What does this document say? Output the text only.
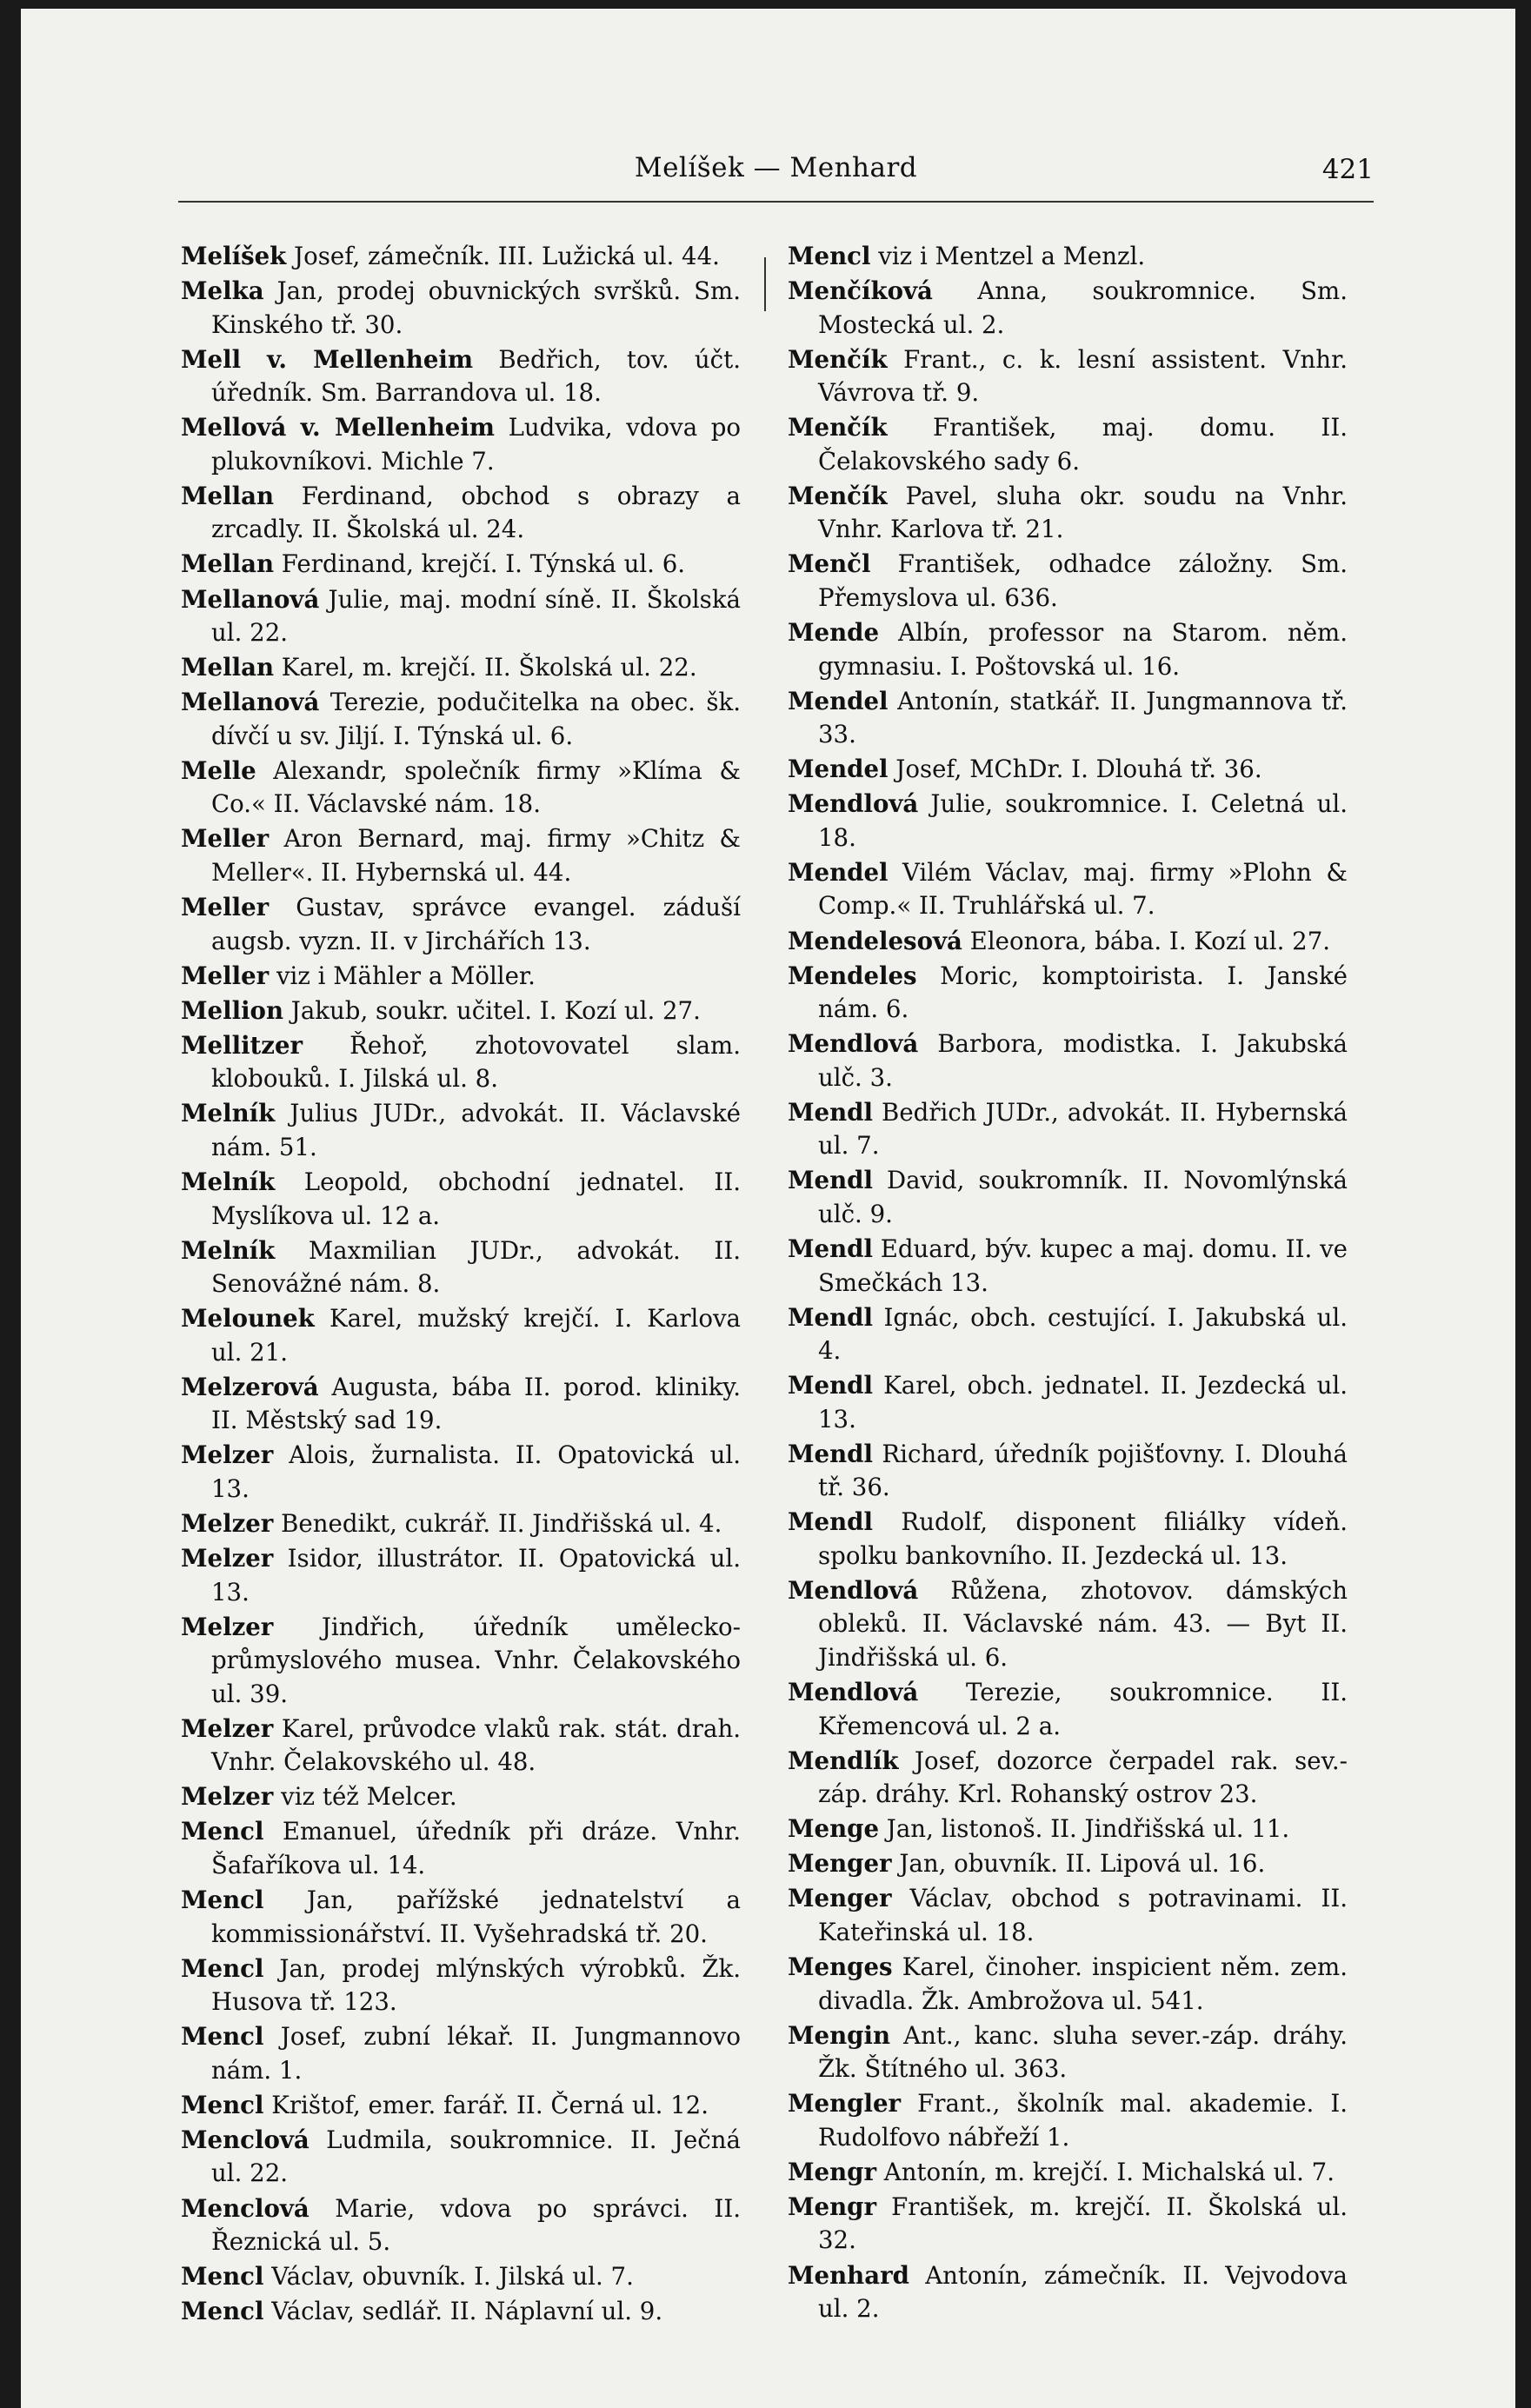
Melíšek — Menhard	421

Melíšek Josef, zámečník. III. Lužická ul. 44.

Melka Jan, prodej obuvnických svršků. Sm. Kinského tř. 30.

Mell v. Mellenheim Bedřich, tov. účt. úředník. Sm. Barrandova ul. 18.

Mellová v. Mellenheim Ludvika, vdova po plukovníkovi. Michle 7.

Mellan Ferdinand, obchod s obrazy a zrcadly. II. Školská ul. 24.

Mellan Ferdinand, krejčí. I. Týnská ul. 6.

Mellanová Julie, maj. modní síně. II. Školská ul. 22.

Mellan Karel, m. krejčí. II. Školská ul. 22.

Mellanová Terezie, podučitelka na obec. šk. dívčí u sv. Jiljí. I. Týnská ul. 6.

Melle Alexandr, společník firmy »Klíma & Co.« II. Václavské nám. 18.

Meller Aron Bernard, maj. firmy »Chitz & Meller«. II. Hybernská ul. 44.

Meller Gustav, správce evangel. záduší augsb. vyzn. II. v Jirchářích 13.

Meller viz i Mähler a Möller.

Mellion Jakub, soukr. učitel. I. Kozí ul. 27.

Mellitzer Řehoř, zhotovovatel slam. klobouků. I. Jilská ul. 8.

Melník Julius JUDr., advokát. II. Václavské nám. 51.

Melník Leopold, obchodní jednatel. II. Myslíkova ul. 12 a.

Melník Maxmilian JUDr., advokát. II. Senovážné nám. 8.

Melounek Karel, mužský krejčí. I. Karlova ul. 21.

Melzerová Augusta, bába II. porod. kliniky. II. Městský sad 19.

Melzer Alois, žurnalista. II. Opatovická ul. 13.

Melzer Benedikt, cukrář. II. Jindřišská ul. 4.

Melzer Isidor, illustrátor. II. Opatovická ul. 13.

Melzer Jindřich, úředník umělecko-průmyslového musea. Vnhr. Čelakovského ul. 39.

Melzer Karel, průvodce vlaků rak. stát. drah. Vnhr. Čelakovského ul. 48.

Melzer viz též Melcer.

Mencl Emanuel, úředník při dráze. Vnhr. Šafaříkova ul. 14.

Mencl Jan, pařížské jednatelství a kommissionářství. II. Vyšehradská tř. 20.

Mencl Jan, prodej mlýnských výrobků. Žk. Husova tř. 123.

Mencl Josef, zubní lékař. II. Jungmannovo nám. 1.

Mencl Krištof, emer. farář. II. Černá ul. 12.

Menclová Ludmila, soukromnice. II. Ječná ul. 22.

Menclová Marie, vdova po správci. II. Řeznická ul. 5.

Mencl Václav, obuvník. I. Jilská ul. 7.

Mencl Václav, sedlář. II. Náplavní ul. 9.

Mencl viz i Mentzel a Menzl.

Menčíková Anna, soukromnice. Sm. Mostecká ul. 2.

Menčík Frant., c. k. lesní assistent. Vnhr. Vávrova tř. 9.

Menčík František, maj. domu. II. Čelakovského sady 6.

Menčík Pavel, sluha okr. soudu na Vnhr. Vnhr. Karlova tř. 21.

Menčl František, odhadce záložny. Sm. Přemyslova ul. 636.

Mende Albín, professor na Starom. něm. gymnasiu. I. Poštovská ul. 16.

Mendel Antonín, statkář. II. Jungmannova tř. 33.

Mendel Josef, MChDr. I. Dlouhá tř. 36.

Mendlová Julie, soukromnice. I. Celetná ul. 18.

Mendel Vilém Václav, maj. firmy »Plohn & Comp.« II. Truhlářská ul. 7.

Mendelesová Eleonora, bába. I. Kozí ul. 27.

Mendeles Moric, komptoirista. I. Janské nám. 6.

Mendlová Barbora, modistka. I. Jakubská ulč. 3.

Mendl Bedřich JUDr., advokát. II. Hybernská ul. 7.

Mendl David, soukromník. II. Novomlýnská ulč. 9.

Mendl Eduard, býv. kupec a maj. domu. II. ve Smečkách 13.

Mendl Ignác, obch. cestující. I. Jakubská ul. 4.

Mendl Karel, obch. jednatel. II. Jezdecká ul. 13.

Mendl Richard, úředník pojišťovny. I. Dlouhá tř. 36.

Mendl Rudolf, disponent filiálky vídeň. spolku bankovního. II. Jezdecká ul. 13.

Mendlová Růžena, zhotovov. dámských obleků. II. Václavské nám. 43. — Byt II. Jindřišská ul. 6.

Mendlová Terezie, soukromnice. II. Křemencová ul. 2 a.

Mendlík Josef, dozorce čerpadel rak. sev.-záp. dráhy. Krl. Rohanský ostrov 23.

Menge Jan, listonoš. II. Jindřišská ul. 11.

Menger Jan, obuvník. II. Lipová ul. 16.

Menger Václav, obchod s potravinami. II. Kateřinská ul. 18.

Menges Karel, činoher. inspicient něm. zem. divadla. Žk. Ambrožova ul. 541.

Mengin Ant., kanc. sluha sever.-záp. dráhy. Žk. Štítného ul. 363.

Mengler Frant., školník mal. akademie. I. Rudolfovo nábřeží 1.

Mengr Antonín, m. krejčí. I. Michalská ul. 7.

Mengr František, m. krejčí. II. Školská ul. 32.

Menhard Antonín, zámečník. II. Vejvodova ul. 2.
